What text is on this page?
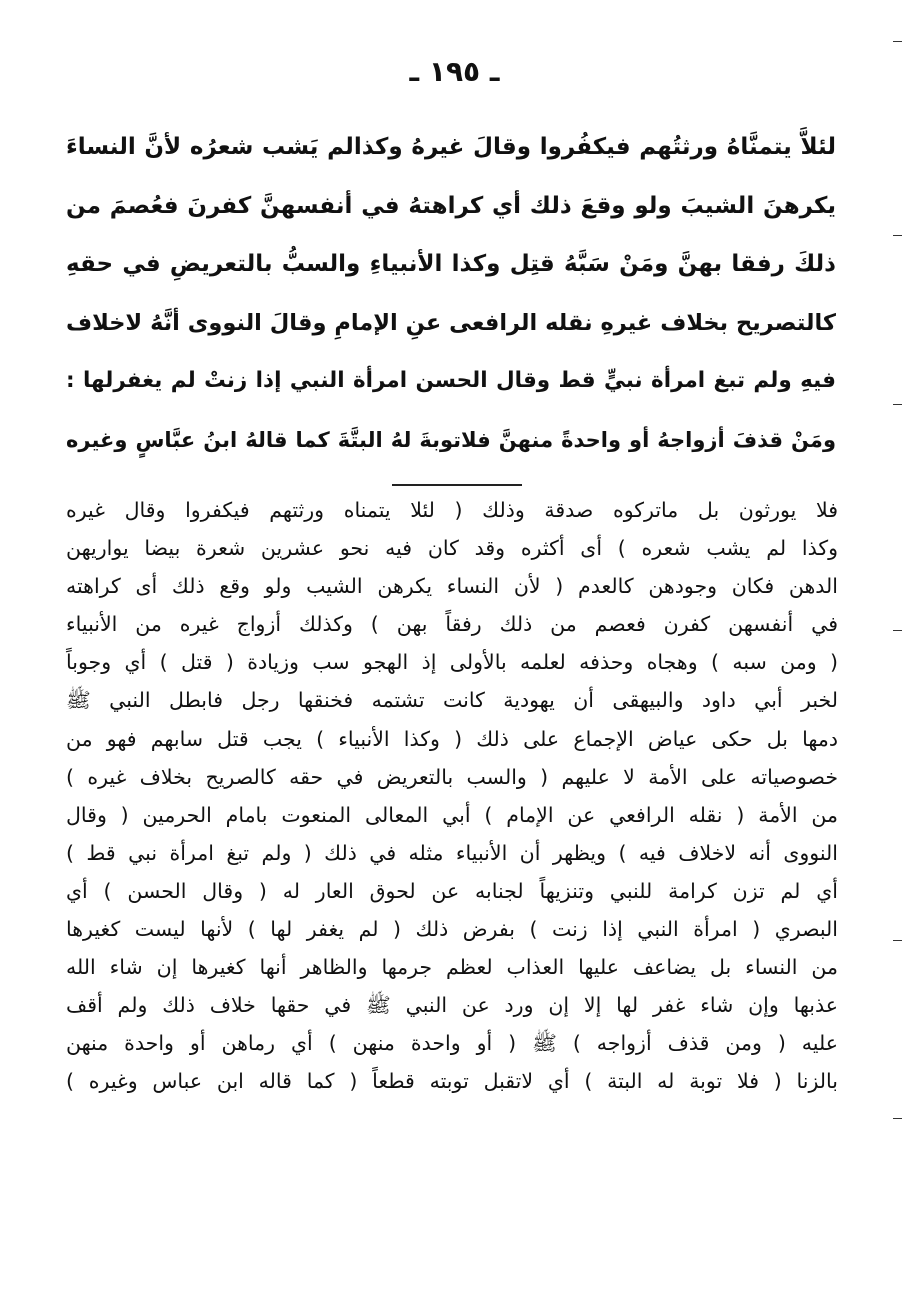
ـ ١٩٥ ـ
لئلاَّ يتمنَّاهُ ورثتُهم فيكفُروا وقالَ غيرهُ وكذالم يَشب شعرُه لأنَّ النساءَ
يكرهنَ الشيبَ ولو وقعَ ذلك أي كراهتهُ في أنفسهنَّ كفرنَ فعُصمَ من
ذلكَ رفقا بهنَّ ومَنْ سَبَّهُ قتِل وكذا الأنبياءِ والسبُّ بالتعريضِ في حقهِ
كالتصريح بخلاف غيرهِ نقله الرافعى عنِ الإمامِ وقالَ النووى أنَّهُ لاخلاف
فيهِ ولم تبغ امرأة نبيٍّ قط وقال الحسن امرأة النبي إذا زنتْ لم يغفرلها :
ومَنْ قذفَ أزواجهُ أو واحدةً منهنَّ فلاتوبةَ لهُ البتَّةَ كما قالهُ ابنُ عبَّاسٍ وغيره
فلا يورثون بل ماتركوه صدقة وذلك ( لئلا يتمناه ورثتهم فيكفروا وقال غيره
وكذا لم يشب شعره ) أى أكثره وقد كان فيه نحو عشرين شعرة بيضا يواريهن
الدهن فكان وجودهن كالعدم ( لأن النساء يكرهن الشيب ولو وقع ذلك أى كراهته
في أنفسهن كفرن فعصم من ذلك رفقاً بهن ) وكذلك أزواج غيره من الأنبياء
( ومن سبه ) وهجاه وحذفه لعلمه بالأولى إذ الهجو سب وزيادة ( قتل ) أي وجوباً
لخبر أبي داود والبيهقى أن يهودية كانت تشتمه فخنقها رجل فابطل النبي ﷺ
دمها بل حكى عياض الإجماع على ذلك ( وكذا الأنبياء ) يجب قتل سابهم فهو من
خصوصياته على الأمة لا عليهم ( والسب بالتعريض في حقه كالصريح بخلاف غيره )
من الأمة ( نقله الرافعي عن الإمام ) أبي المعالى المنعوت بامام الحرمين ( وقال
النووى أنه لاخلاف فيه ) ويظهر أن الأنبياء مثله في ذلك ( ولم تبغ امرأة نبي قط )
أي لم تزن كرامة للنبي وتنزيهاً لجنابه عن لحوق العار له ( وقال الحسن ) أي
البصري ( امرأة النبي إذا زنت ) بفرض ذلك ( لم يغفر لها ) لأنها ليست كغيرها
من النساء بل يضاعف عليها العذاب لعظم جرمها والظاهر أنها كغيرها إن شاء الله
عذبها وإن شاء غفر لها إلا إن ورد عن النبي ﷺ في حقها خلاف ذلك ولم أقف
عليه ( ومن قذف أزواجه ) ﷺ ( أو واحدة منهن ) أي رماهن أو واحدة منهن
بالزنا ( فلا توبة له البتة ) أي لاتقبل توبته قطعاً ( كما قاله ابن عباس وغيره )
